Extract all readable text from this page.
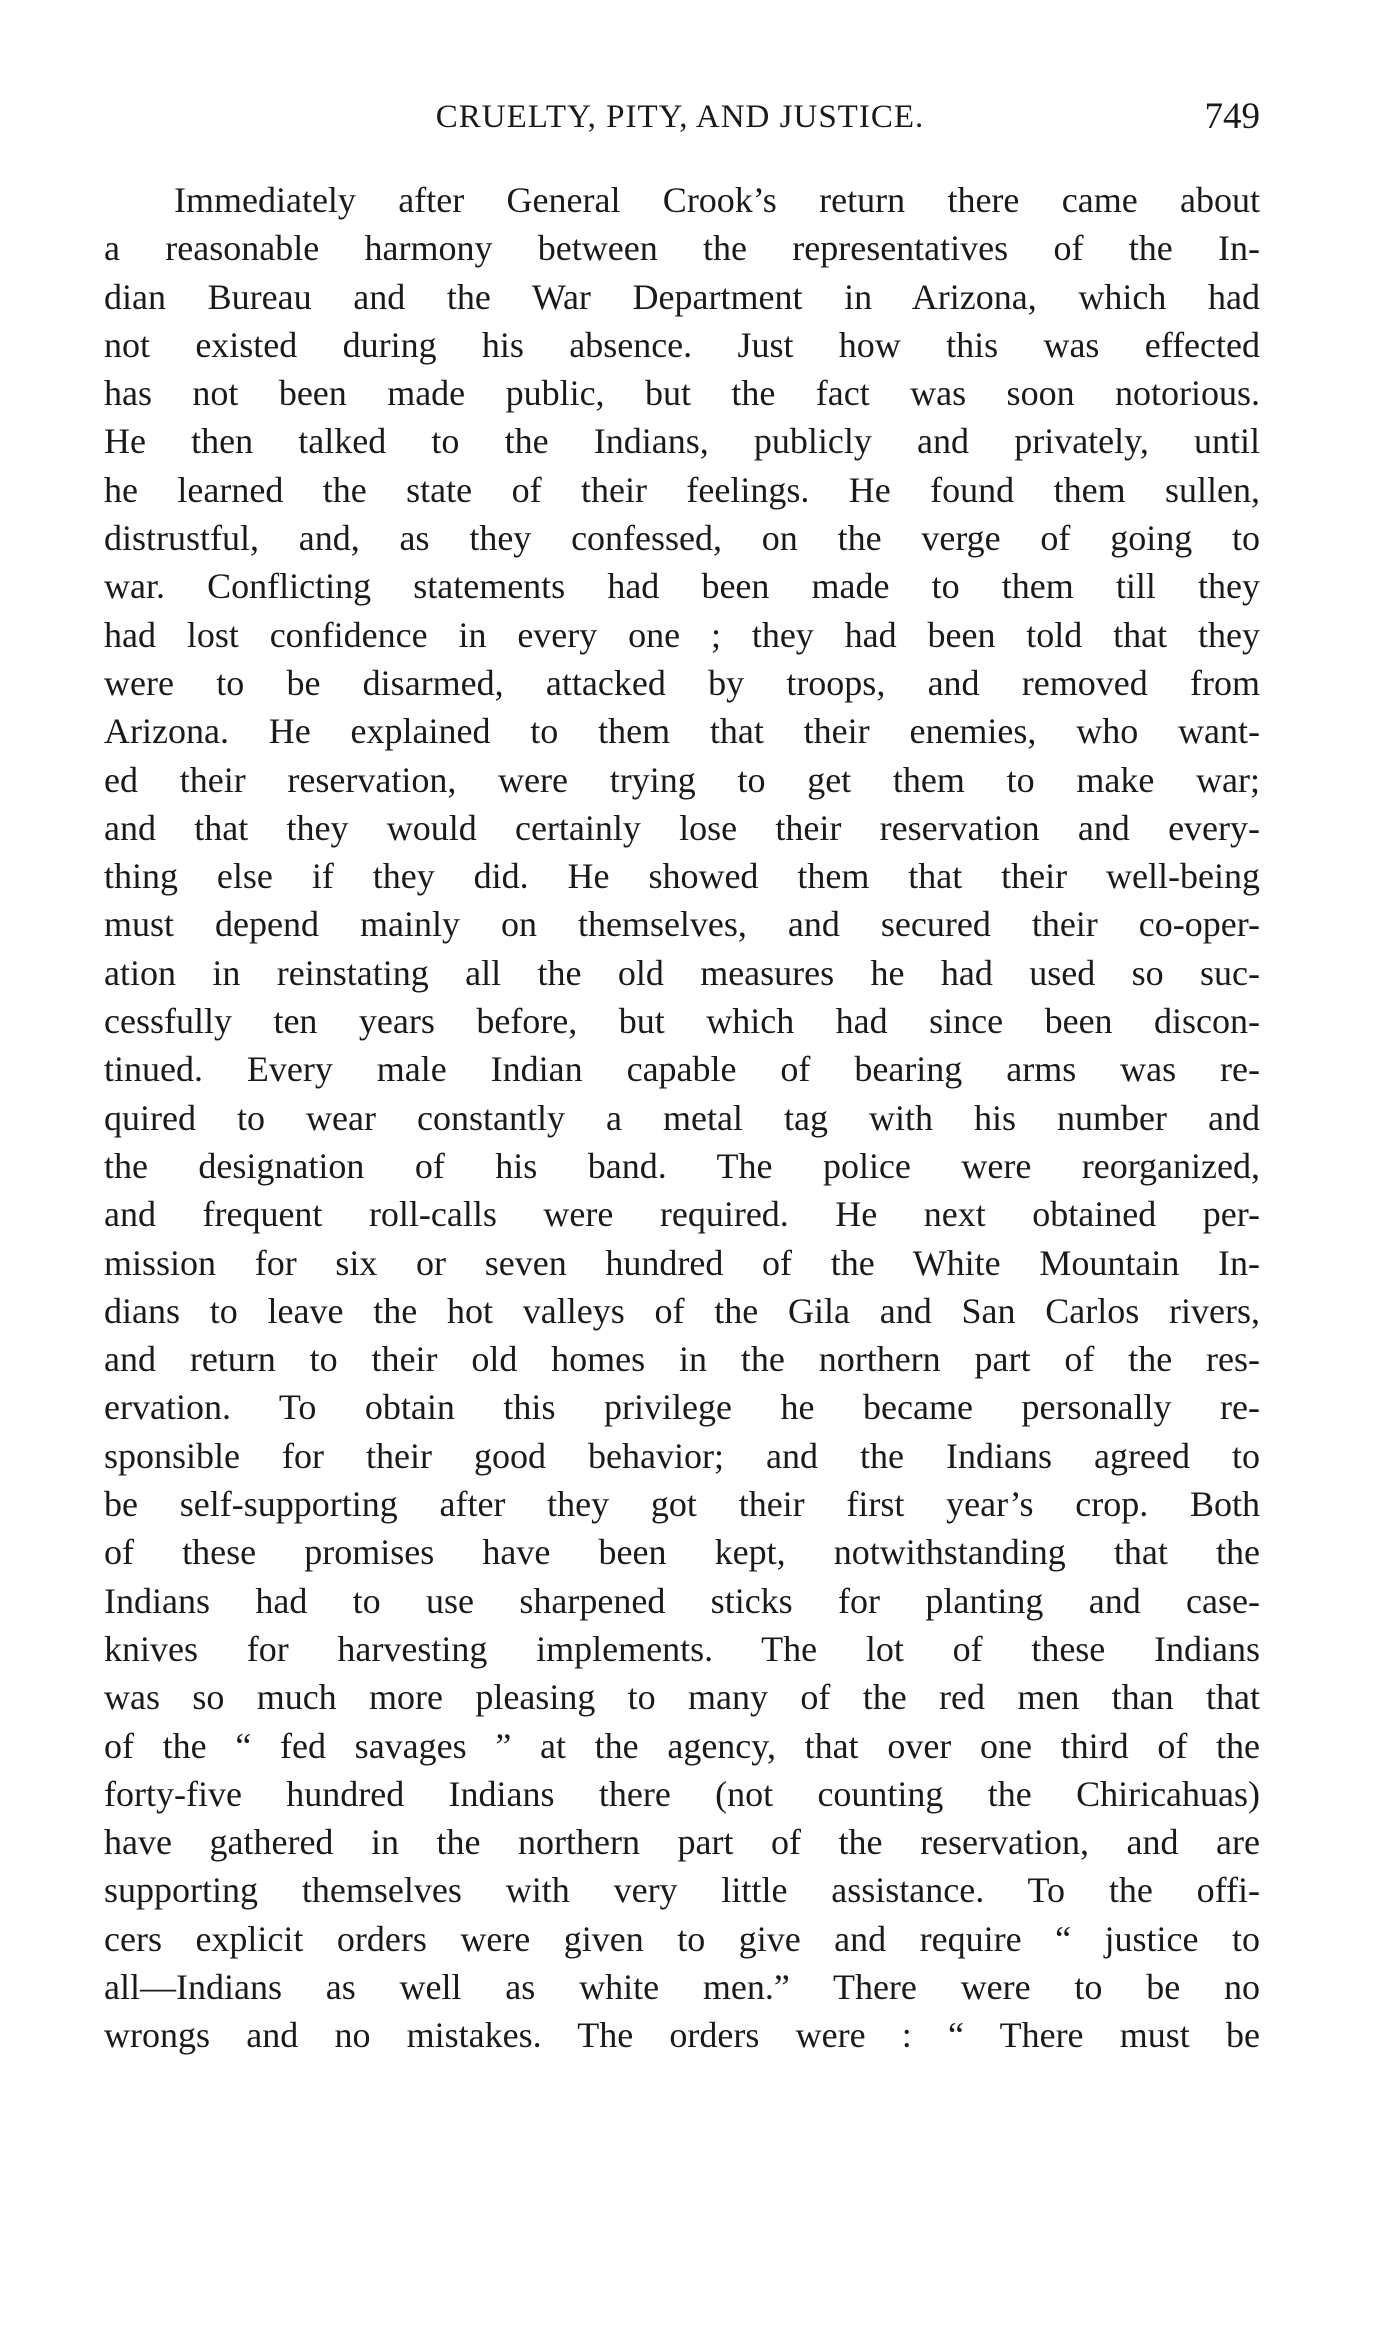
CRUELTY, PITY, AND JUSTICE.	749
Immediately after General Crook’s return there came about
a reasonable harmony between the representatives of the In-
dian Bureau and the War Department in Arizona, which had
not existed during his absence. Just how this was effected
has not been made public, but the fact was soon notorious.
He then talked to the Indians, publicly and privately, until
he learned the state of their feelings. He found them sullen,
distrustful, and, as they confessed, on the verge of going to
war. Conflicting statements had been made to them till they
had lost confidence in every one ; they had been told that they
were to be disarmed, attacked by troops, and removed from
Arizona. He explained to them that their enemies, who want-
ed their reservation, were trying to get them to make war;
and that they would certainly lose their reservation and every-
thing else if they did. He showed them that their well-being
must depend mainly on themselves, and secured their co-oper-
ation in reinstating all the old measures he had used so suc-
cessfully ten years before, but which had since been discon-
tinued. Every male Indian capable of bearing arms was re-
quired to wear constantly a metal tag with his number and
the designation of his band. The police were reorganized,
and frequent roll-calls were required. He next obtained per-
mission for six or seven hundred of the White Mountain In-
dians to leave the hot valleys of the Gila and San Carlos rivers,
and return to their old homes in the northern part of the res-
ervation. To obtain this privilege he became personally re-
sponsible for their good behavior; and the Indians agreed to
be self-supporting after they got their first year’s crop. Both
of these promises have been kept, notwithstanding that the
Indians had to use sharpened sticks for planting and case-
knives for harvesting implements. The lot of these Indians
was so much more pleasing to many of the red men than that
of the “ fed savages ” at the agency, that over one third of the
forty-five hundred Indians there (not counting the Chiricahuas)
have gathered in the northern part of the reservation, and are
supporting themselves with very little assistance. To the offi-
cers explicit orders were given to give and require “ justice to
all—Indians as well as white men.” There were to be no
wrongs and no mistakes. The orders were : “ There must be
